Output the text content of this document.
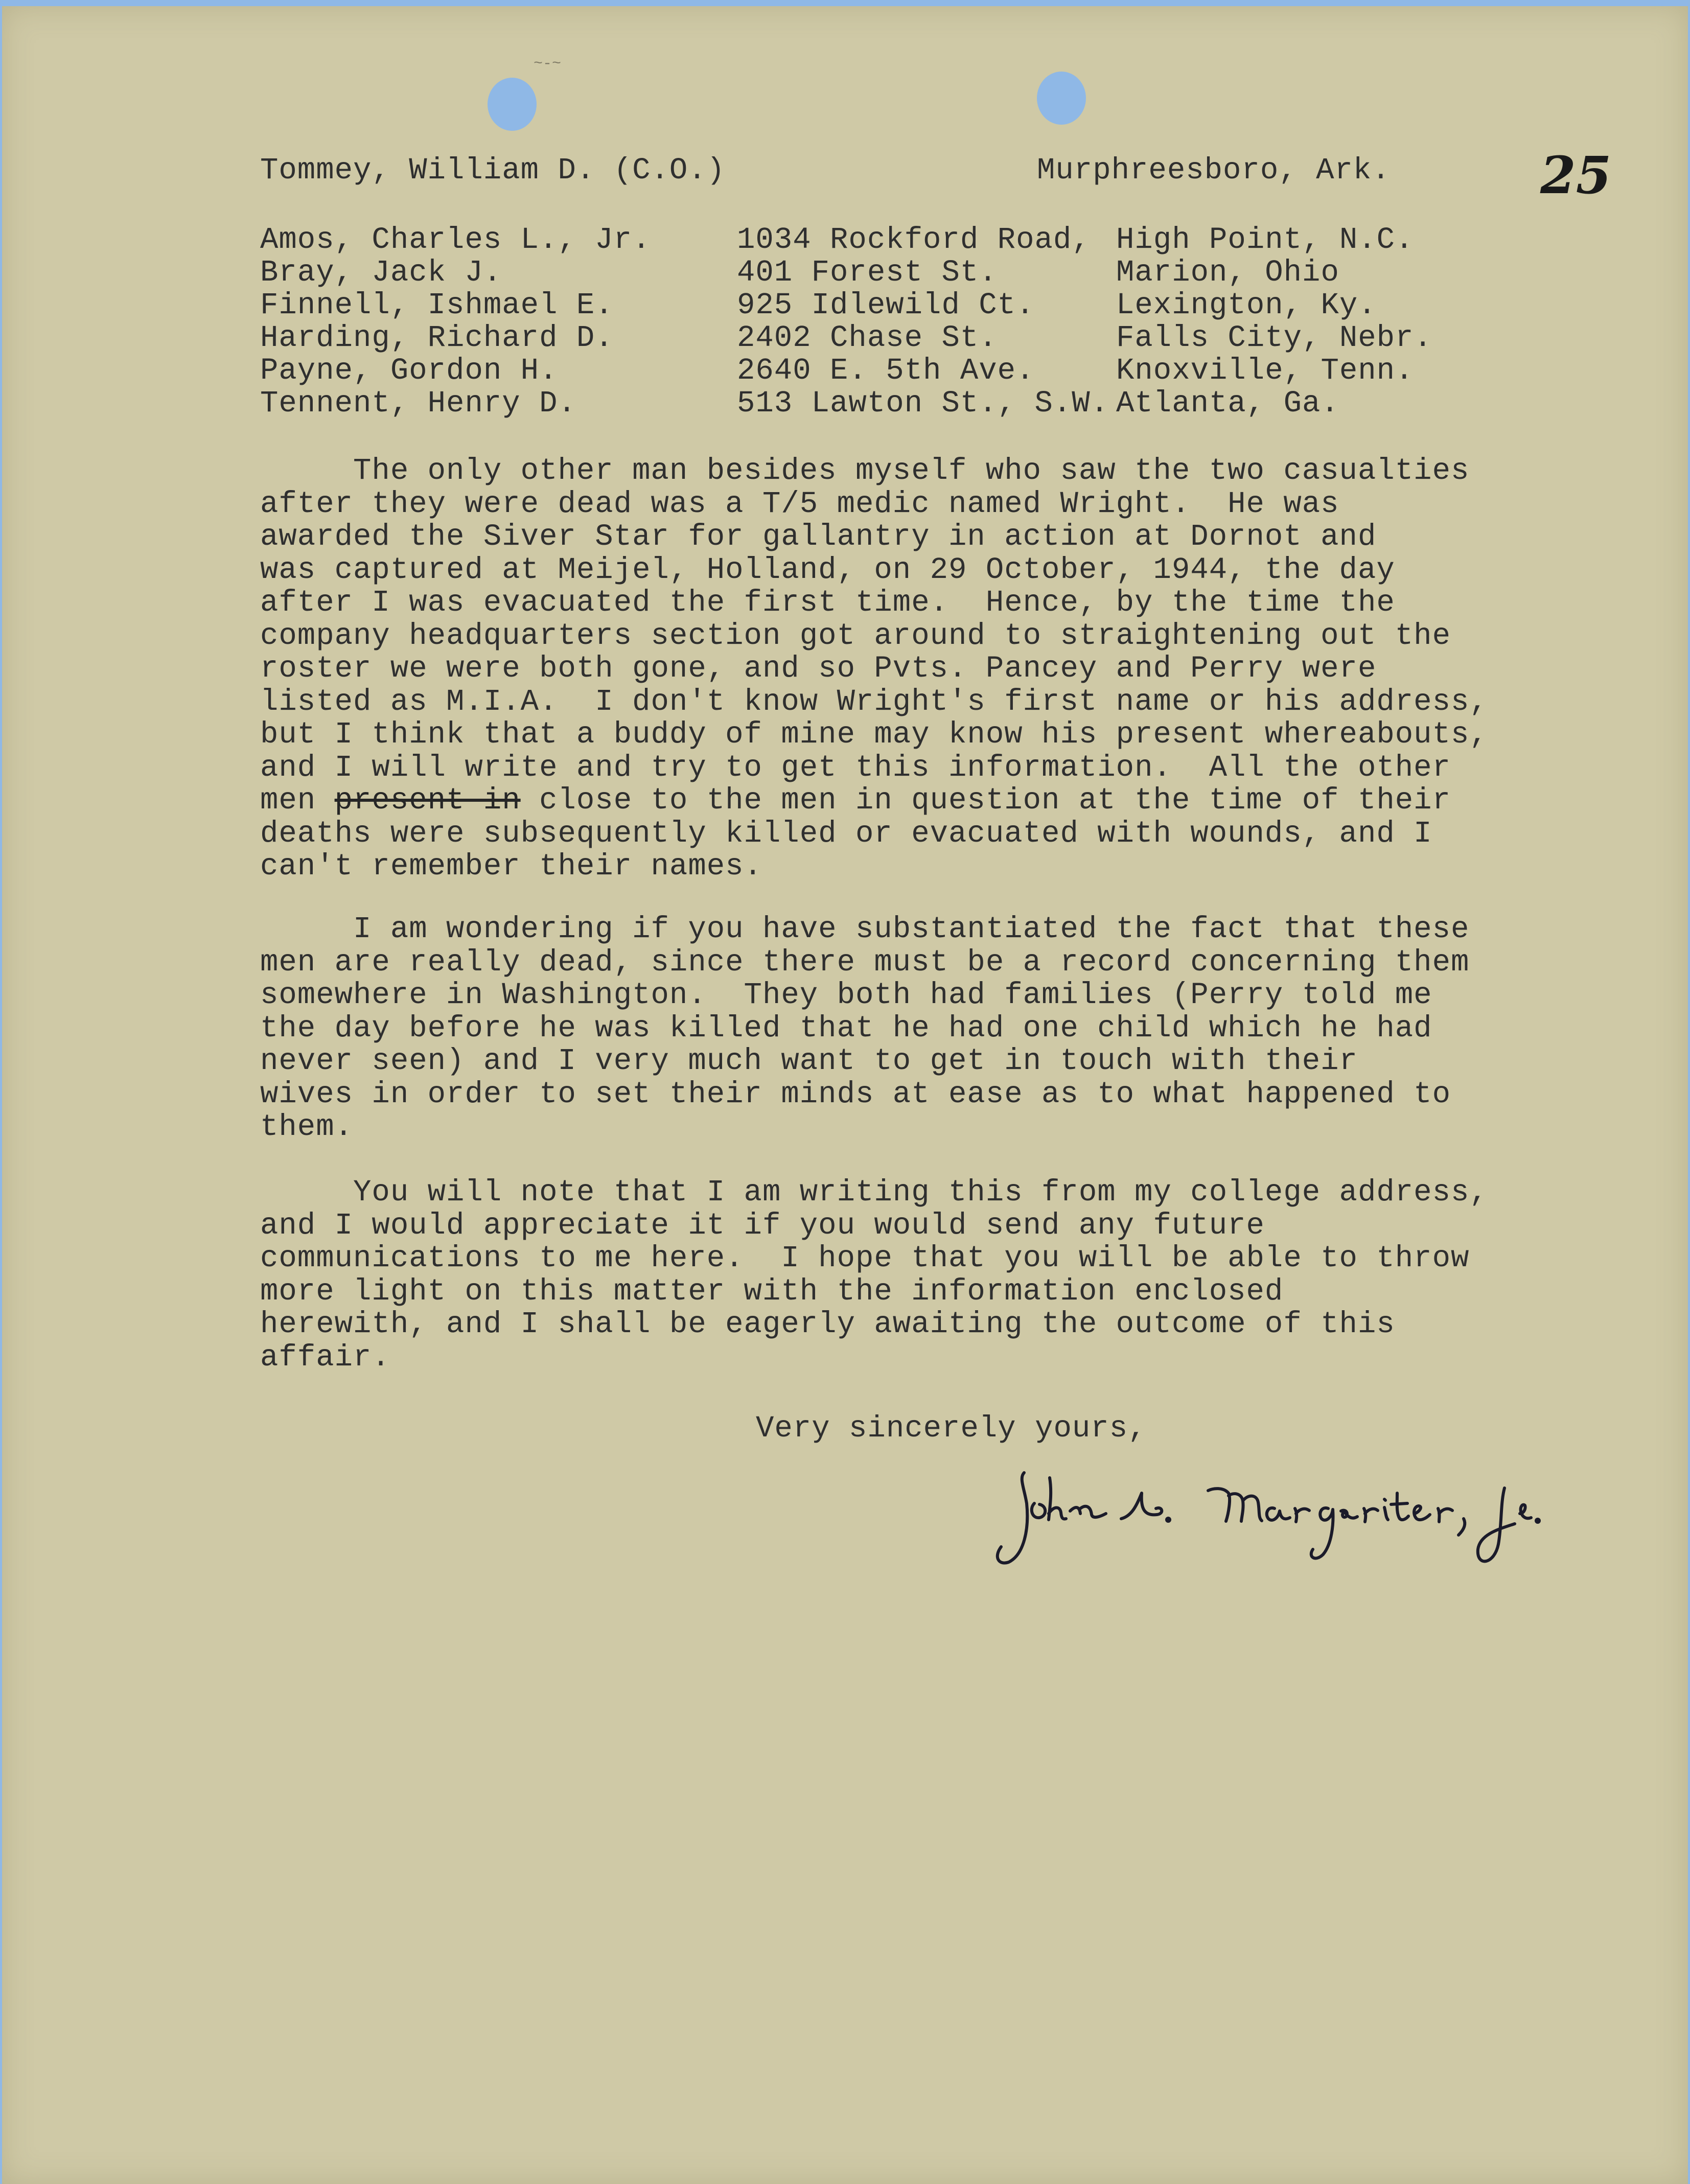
~-~
25
Tommey, William D. (C.O.)	Murphreesboro, Ark.
Amos, Charles L., Jr.	1034 Rockford Road, High Point, N.C.
Bray, Jack J.	401 Forest St.	Marion, Ohio
Finnell, Ishmael E.	925 Idlewild Ct.	Lexington, Ky.
Harding, Richard D.	2402 Chase St.	Falls City, Nebr.
Payne, Gordon H.	2640 E. 5th Ave.	Knoxville, Tenn.
Tennent, Henry D.	513 Lawton St., S.W. Atlanta, Ga.
The only other man besides myself who saw the two casualties
after they were dead was a T/5 medic named Wright.  He was
awarded the Siver Star for gallantry in action at Dornot and
was captured at Meijel, Holland, on 29 October, 1944, the day
after I was evacuated the first time.  Hence, by the time the
company headquarters section got around to straightening out the
roster we were both gone, and so Pvts. Pancey and Perry were
listed as M.I.A.  I don't know Wright's first name or his address,
but I think that a buddy of mine may know his present whereabouts,
and I will write and try to get this information.  All the other
men present in close to the men in question at the time of their
deaths were subsequently killed or evacuated with wounds, and I
can't remember their names.
I am wondering if you have substantiated the fact that these
men are really dead, since there must be a record concerning them
somewhere in Washington.  They both had families (Perry told me
the day before he was killed that he had one child which he had
never seen) and I very much want to get in touch with their
wives in order to set their minds at ease as to what happened to
them.
You will note that I am writing this from my college address,
and I would appreciate it if you would send any future
communications to me here.  I hope that you will be able to throw
more light on this matter with the information enclosed
herewith, and I shall be eagerly awaiting the outcome of this
affair.
Very sincerely yours,
